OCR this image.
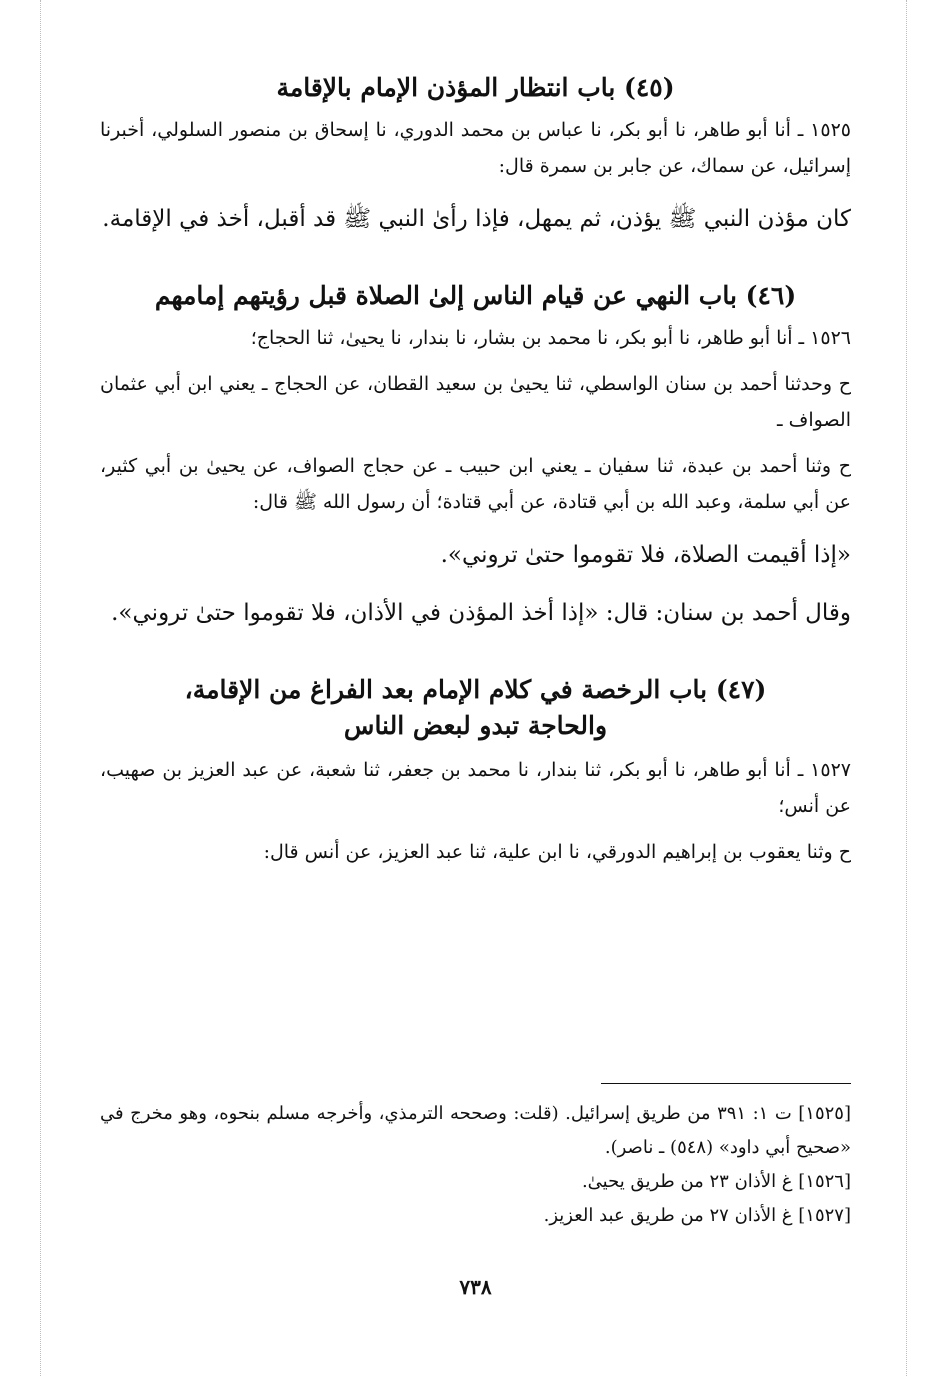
(٤٥) باب انتظار المؤذن الإمام بالإقامة

١٥٢٥ ـ أنا أبو طاهر، نا أبو بكر، نا عباس بن محمد الدوري، نا إسحاق بن منصور السلولي، أخبرنا إسرائيل، عن سماك، عن جابر بن سمرة قال:

كان مؤذن النبي ﷺ يؤذن، ثم يمهل، فإذا رأىٰ النبي ﷺ قد أقبل، أخذ في الإقامة.

(٤٦) باب النهي عن قيام الناس إلىٰ الصلاة قبل رؤيتهم إمامهم

١٥٢٦ ـ أنا أبو طاهر، نا أبو بكر، نا محمد بن بشار، نا بندار، نا يحيىٰ، ثنا الحجاج؛

ح وحدثنا أحمد بن سنان الواسطي، ثنا يحيىٰ بن سعيد القطان، عن الحجاج ـ يعني ابن أبي عثمان الصواف ـ

ح وثنا أحمد بن عبدة، ثنا سفيان ـ يعني ابن حبيب ـ عن حجاج الصواف، عن يحيىٰ بن أبي كثير، عن أبي سلمة، وعبد الله بن أبي قتادة، عن أبي قتادة؛ أن رسول الله ﷺ قال:

«إذا أقيمت الصلاة، فلا تقوموا حتىٰ تروني».

وقال أحمد بن سنان: قال: «إذا أخذ المؤذن في الأذان، فلا تقوموا حتىٰ تروني».

(٤٧) باب الرخصة في كلام الإمام بعد الفراغ من الإقامة،
والحاجة تبدو لبعض الناس

١٥٢٧ ـ أنا أبو طاهر، نا أبو بكر، ثنا بندار، نا محمد بن جعفر، ثنا شعبة، عن عبد العزيز بن صهيب، عن أنس؛

ح وثنا يعقوب بن إبراهيم الدورقي، نا ابن علية، ثنا عبد العزيز، عن أنس قال:

[١٥٢٥] ت ١: ٣٩١ من طريق إسرائيل. (قلت: وصححه الترمذي، وأخرجه مسلم بنحوه، وهو مخرج في «صحيح أبي داود» (٥٤٨) ـ ناصر).

[١٥٢٦] غ الأذان ٢٣ من طريق يحيىٰ.

[١٥٢٧] غ الأذان ٢٧ من طريق عبد العزيز.

٧٣٨
